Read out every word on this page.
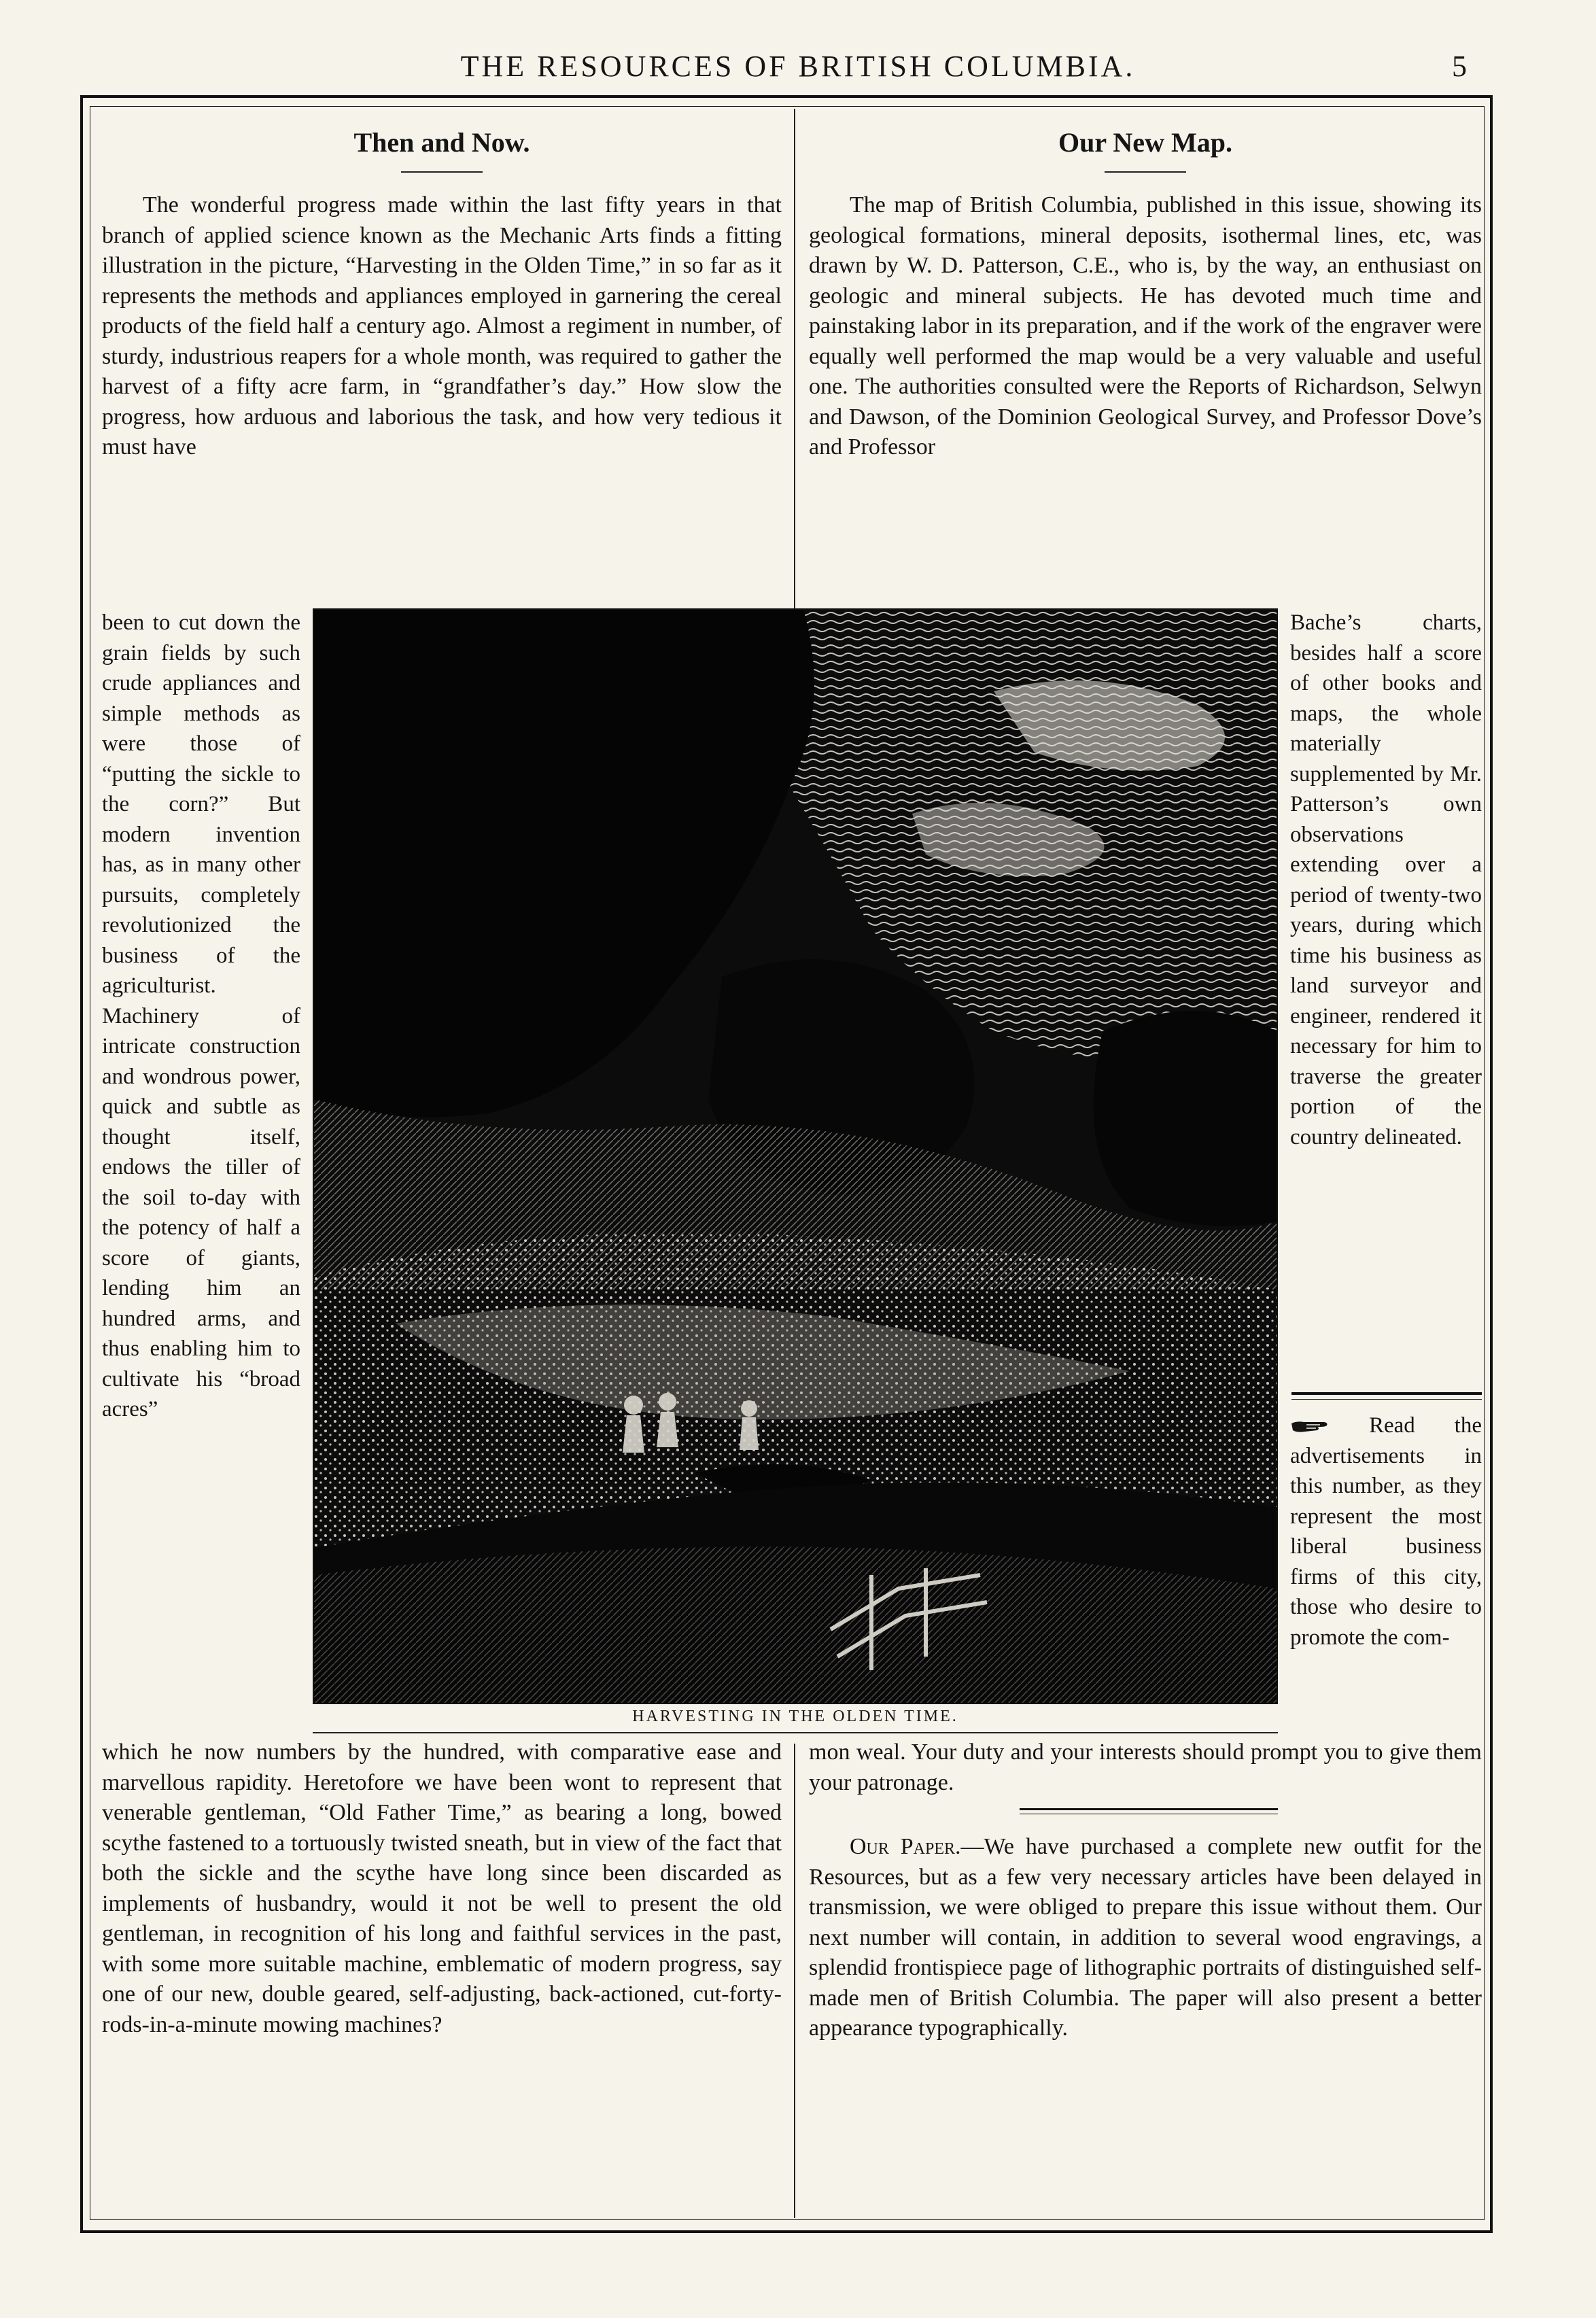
THE RESOURCES OF BRITISH COLUMBIA.	5
Then and Now.

The wonderful progress made within the last fifty years in that branch of applied science known as the Mechanic Arts finds a fitting illustration in the picture, “Harvesting in the Olden Time,” in so far as it represents the methods and appliances employed in garnering the cereal products of the field half a century ago. Almost a regiment in number, of sturdy, industrious reapers for a whole month, was required to gather the harvest of a fifty acre farm, in “grandfather’s day.” How slow the progress, how arduous and laborious the task, and how very tedious it must have

been to cut down the grain fields by such crude appliances and simple methods as were those of “putting the sickle to the corn?” But modern invention has, as in many other pursuits, completely revolutionized the business of the agriculturist. Machinery of intricate construction and wondrous power, quick and subtle as thought itself, endows the tiller of the soil to-day with the potency of half a score of giants, lending him an hundred arms, and thus enabling him to cultivate his “broad acres”

which he now numbers by the hundred, with comparative ease and marvellous rapidity. Heretofore we have been wont to represent that venerable gentleman, “Old Father Time,” as bearing a long, bowed scythe fastened to a tortuously twisted sneath, but in view of the fact that both the sickle and the scythe have long since been discarded as implements of husbandry, would it not be well to present the old gentleman, in recognition of his long and faithful services in the past, with some more suitable machine, emblematic of modern progress, say one of our new, double geared, self-adjusting, back-actioned, cut-forty-rods-in-a-minute mowing machines?

Our New Map.

The map of British Columbia, published in this issue, showing its geological formations, mineral deposits, isothermal lines, etc, was drawn by W. D. Patterson, C.E., who is, by the way, an enthusiast on geologic and mineral subjects. He has devoted much time and painstaking labor in its preparation, and if the work of the engraver were equally well performed the map would be a very valuable and useful one. The authorities consulted were the Reports of Richardson, Selwyn and Dawson, of the Dominion Geological Survey, and Professor Dove’s and Professor

Bache’s charts, besides half a score of other books and maps, the whole materially supplemented by Mr. Patterson’s own observations extending over a period of twenty-two years, during which time his business as land surveyor and engineer, rendered it necessary for him to traverse the greater portion of the country delineated.

Read the advertisements in this number, as they represent the most liberal business firms of this city, those who desire to promote the com-

mon weal. Your duty and your interests should prompt you to give them your patronage.

Our Paper.—We have purchased a complete new outfit for the Resources, but as a few very necessary articles have been delayed in transmission, we were obliged to prepare this issue without them. Our next number will contain, in addition to several wood engravings, a splendid frontispiece page of lithographic portraits of distinguished self-made men of British Columbia. The paper will also present a better appearance typographically.

HARVESTING IN THE OLDEN TIME.
